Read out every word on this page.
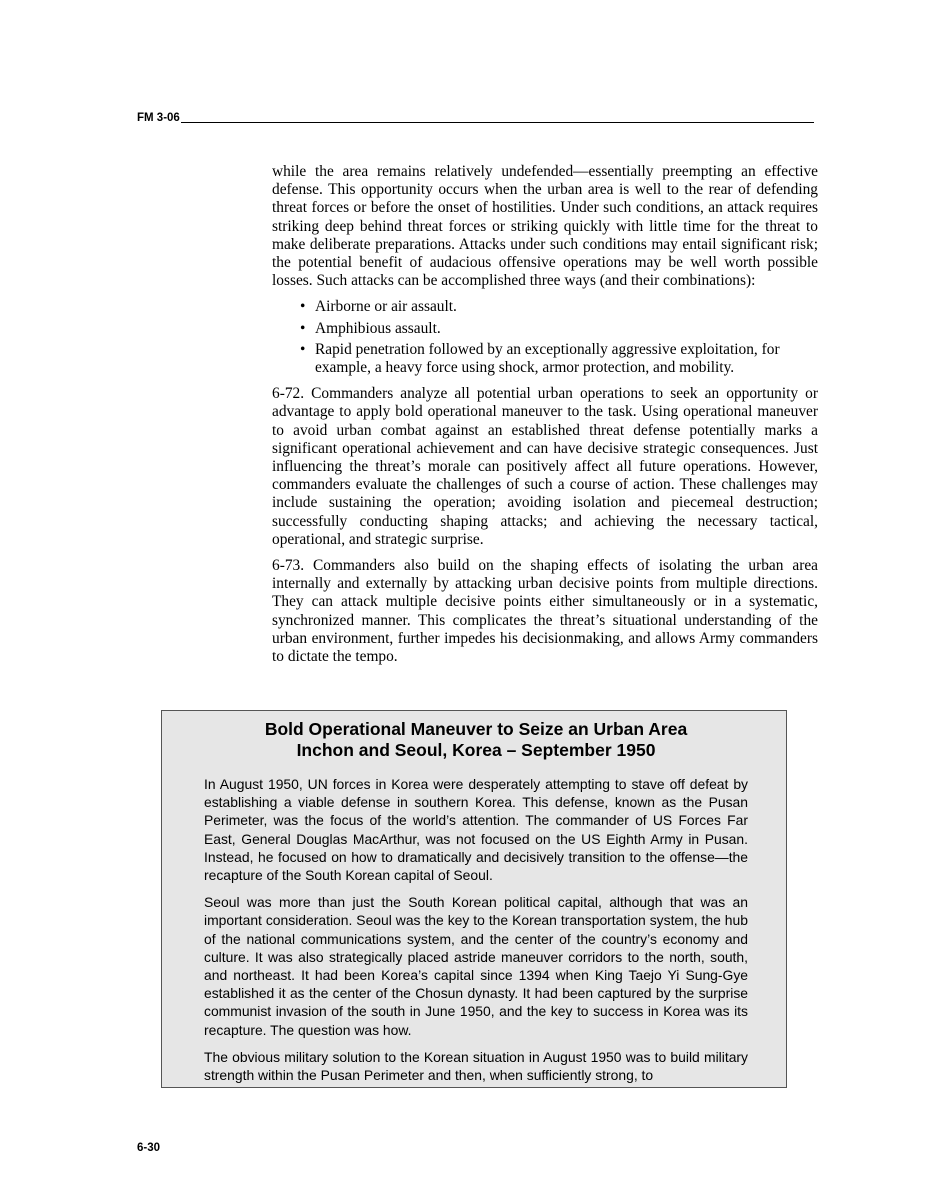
FM 3-06

while the area remains relatively undefended—essentially preempting an effective defense. This opportunity occurs when the urban area is well to the rear of defending threat forces or before the onset of hostilities. Under such conditions, an attack requires striking deep behind threat forces or striking quickly with little time for the threat to make deliberate preparations. Attacks under such conditions may entail significant risk; the potential benefit of audacious offensive operations may be well worth possible losses. Such attacks can be accomplished three ways (and their combinations):

• Airborne or air assault.
• Amphibious assault.
• Rapid penetration followed by an exceptionally aggressive exploitation, for example, a heavy force using shock, armor protection, and mobility.

6-72. Commanders analyze all potential urban operations to seek an opportunity or advantage to apply bold operational maneuver to the task. Using operational maneuver to avoid urban combat against an established threat defense potentially marks a significant operational achievement and can have decisive strategic consequences. Just influencing the threat’s morale can positively affect all future operations. However, commanders evaluate the challenges of such a course of action. These challenges may include sustaining the operation; avoiding isolation and piecemeal destruction; successfully conducting shaping attacks; and achieving the necessary tactical, operational, and strategic surprise.

6-73. Commanders also build on the shaping effects of isolating the urban area internally and externally by attacking urban decisive points from multiple directions. They can attack multiple decisive points either simultaneously or in a systematic, synchronized manner. This complicates the threat’s situational understanding of the urban environment, further impedes his decisionmaking, and allows Army commanders to dictate the tempo.

Bold Operational Maneuver to Seize an Urban Area
Inchon and Seoul, Korea – September 1950

In August 1950, UN forces in Korea were desperately attempting to stave off defeat by establishing a viable defense in southern Korea. This defense, known as the Pusan Perimeter, was the focus of the world’s attention. The commander of US Forces Far East, General Douglas MacArthur, was not focused on the US Eighth Army in Pusan. Instead, he focused on how to dramatically and decisively transition to the offense—the recapture of the South Korean capital of Seoul.

Seoul was more than just the South Korean political capital, although that was an important consideration. Seoul was the key to the Korean transportation system, the hub of the national communications system, and the center of the country’s economy and culture. It was also strategically placed astride maneuver corridors to the north, south, and northeast. It had been Korea’s capital since 1394 when King Taejo Yi Sung-Gye established it as the center of the Chosun dynasty. It had been captured by the surprise communist invasion of the south in June 1950, and the key to success in Korea was its recapture. The question was how.

The obvious military solution to the Korean situation in August 1950 was to build military strength within the Pusan Perimeter and then, when sufficiently strong, to

6-30
